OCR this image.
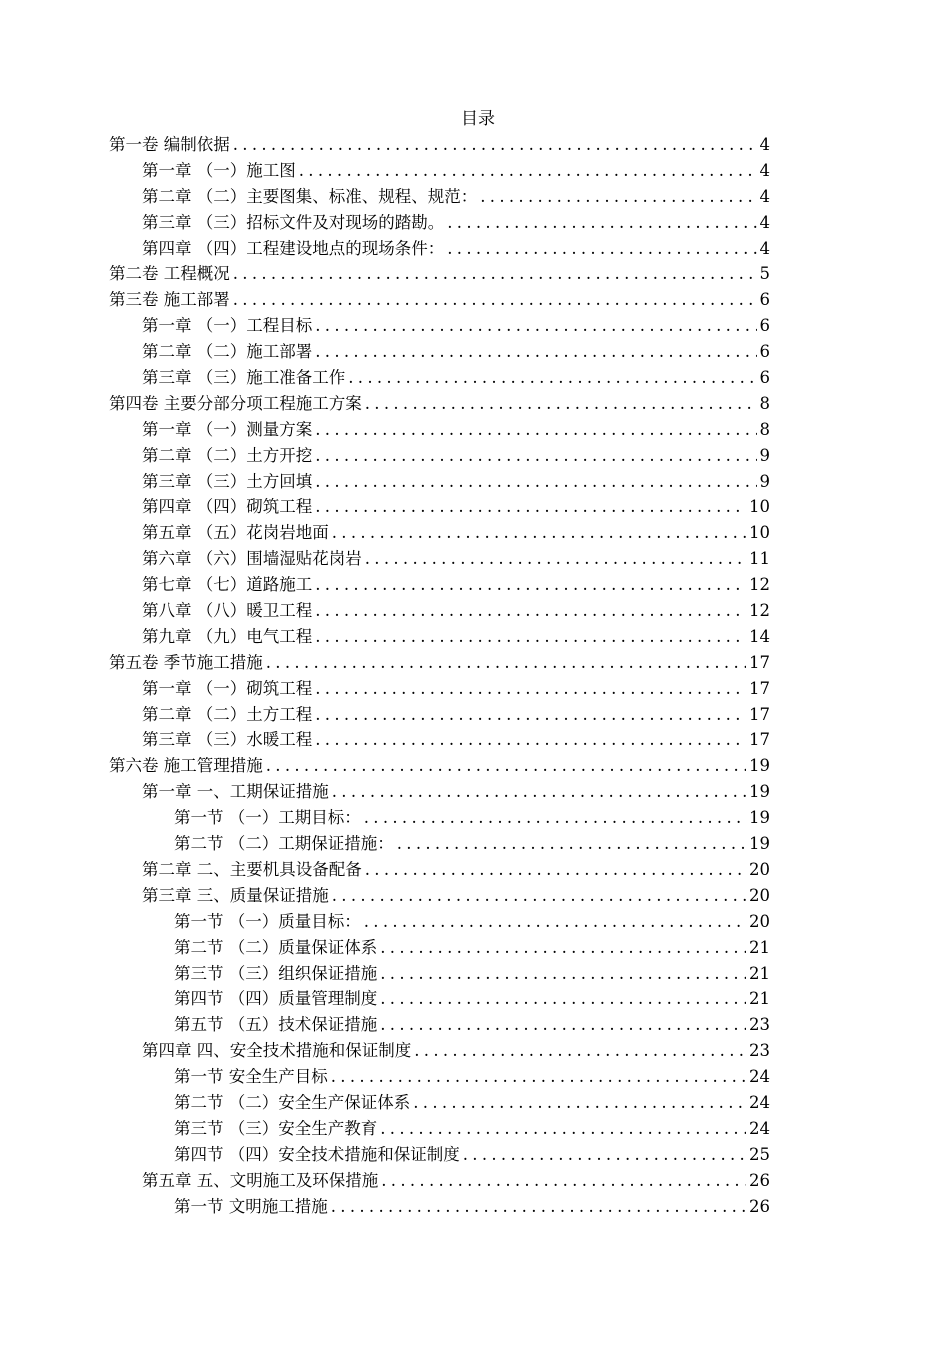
目录
第一卷 编制依据 .....	4
第一章 （一）施工图 .....	4
第二章 （二）主要图集、标准、规程、规范： .....	4
第三章 （三）招标文件及对现场的踏勘。 .....	4
第四章 （四）工程建设地点的现场条件： .....	4
第二卷 工程概况 .....	5
第三卷 施工部署 .....	6
第一章 （一）工程目标 .....	6
第二章 （二）施工部署 .....	6
第三章 （三）施工准备工作 .....	6
第四卷 主要分部分项工程施工方案 .....	8
第一章 （一）测量方案 .....	8
第二章 （二）土方开挖 .....	9
第三章 （三）土方回填 .....	9
第四章 （四）砌筑工程 .....	10
第五章 （五）花岗岩地面 .....	10
第六章 （六）围墙湿贴花岗岩 .....	11
第七章 （七）道路施工 .....	12
第八章 （八）暖卫工程 .....	12
第九章 （九）电气工程 .....	14
第五卷 季节施工措施 .....	17
第一章 （一）砌筑工程 .....	17
第二章 （二）土方工程 .....	17
第三章 （三）水暖工程 .....	17
第六卷 施工管理措施 .....	19
第一章 一、工期保证措施 .....	19
第一节 （一）工期目标： .....	19
第二节 （二）工期保证措施： .....	19
第二章 二、主要机具设备配备 .....	20
第三章 三、质量保证措施 .....	20
第一节 （一）质量目标： .....	20
第二节 （二）质量保证体系 .....	21
第三节 （三）组织保证措施 .....	21
第四节 （四）质量管理制度 .....	21
第五节 （五）技术保证措施 .....	23
第四章 四、安全技术措施和保证制度 .....	23
第一节 安全生产目标 .....	24
第二节 （二）安全生产保证体系 .....	24
第三节 （三）安全生产教育 .....	24
第四节 （四）安全技术措施和保证制度 .....	25
第五章 五、文明施工及环保措施 .....	26
第一节 文明施工措施 .....	26
